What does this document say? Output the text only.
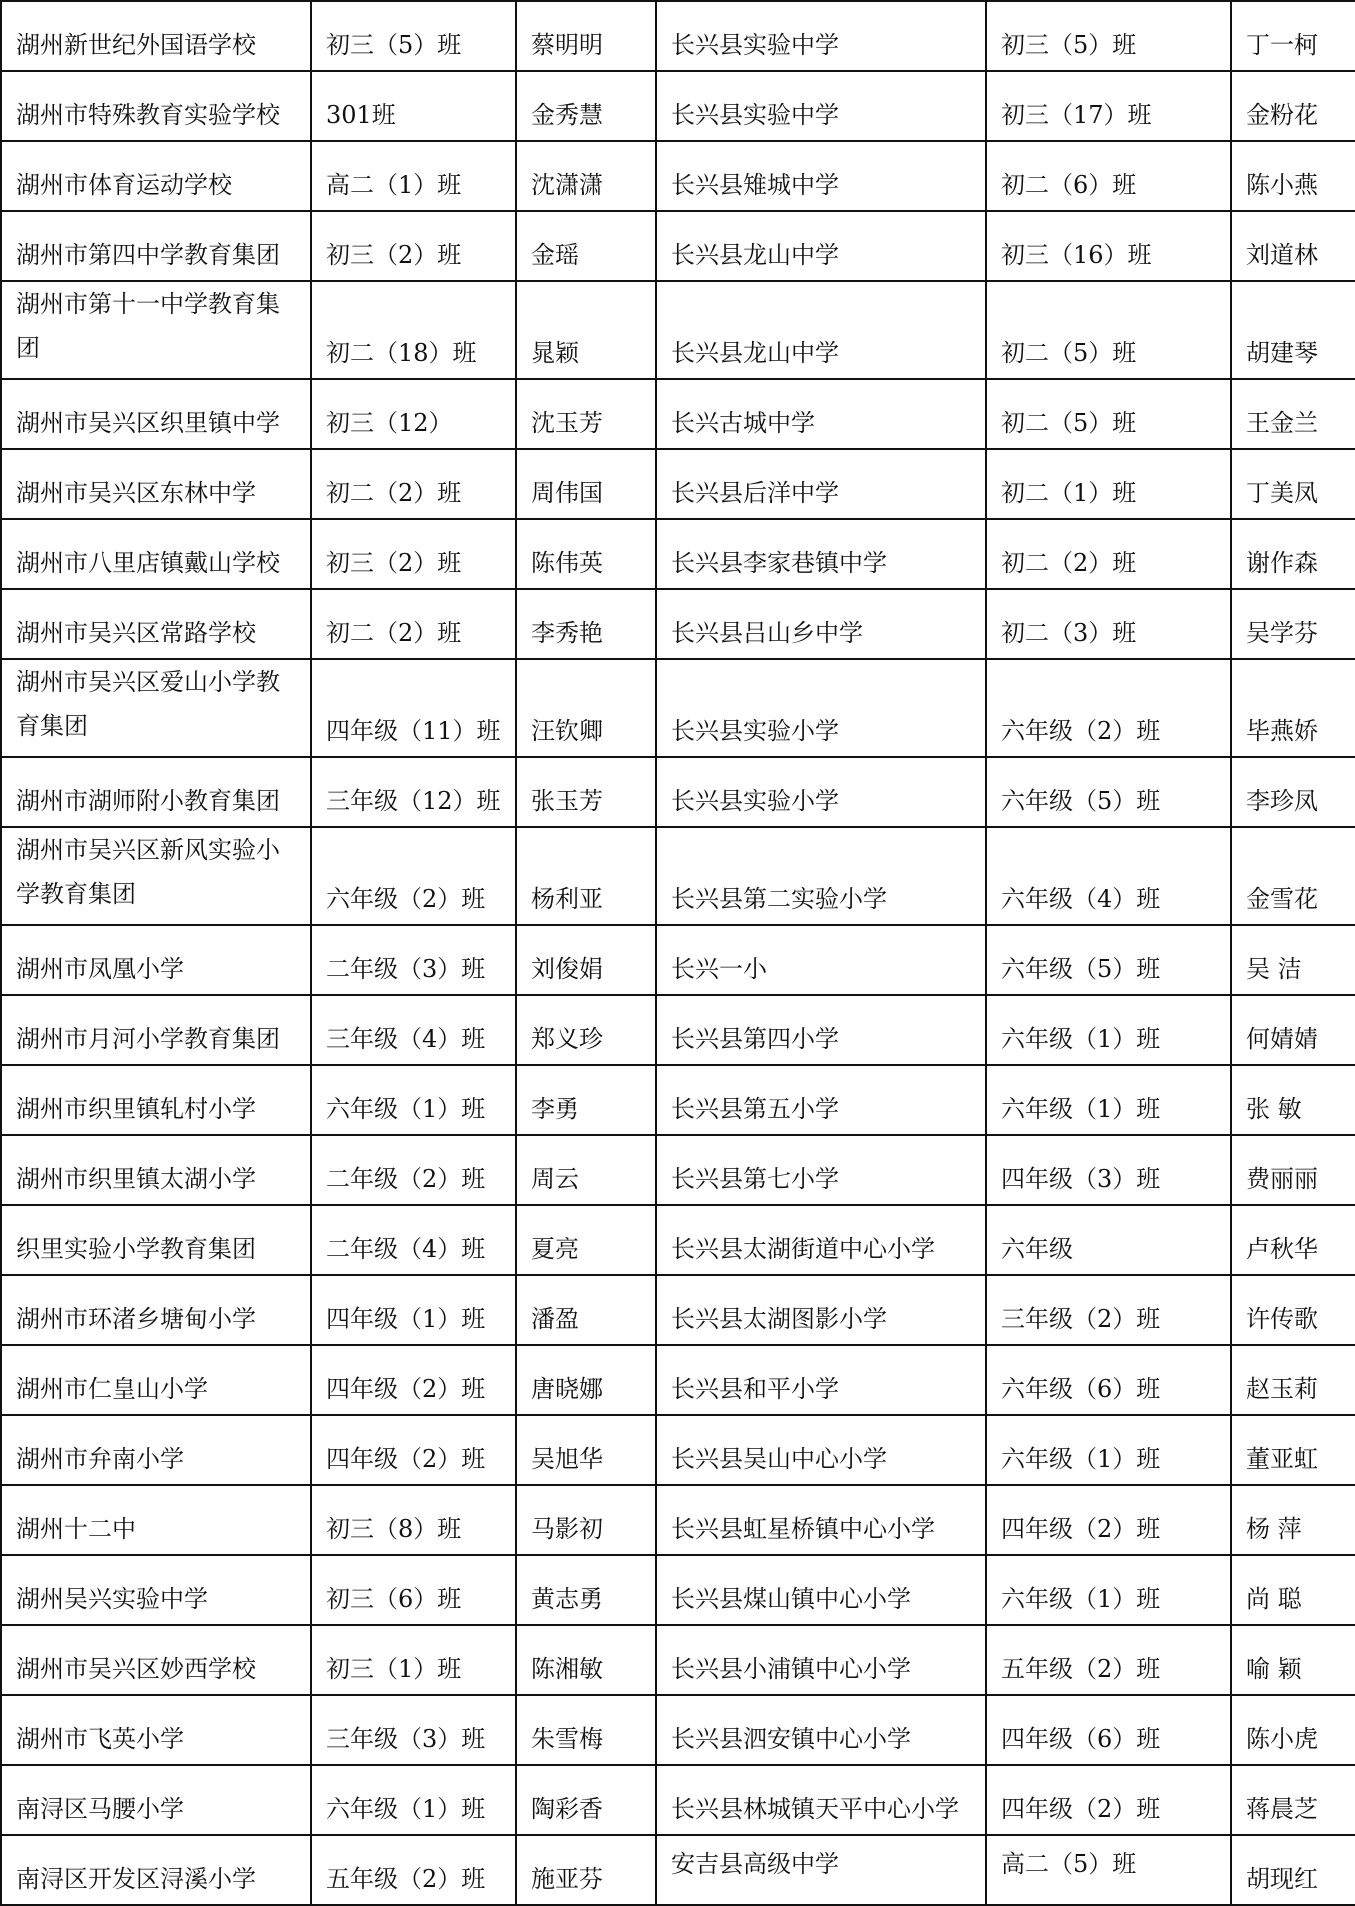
湖州新世纪外国语学校	初三（5）班	蔡明明	长兴县实验中学	初三（5）班	丁一柯
湖州市特殊教育实验学校	301班	金秀慧	长兴县实验中学	初三（17）班	金粉花
湖州市体育运动学校	高二（1）班	沈潇潇	长兴县雉城中学	初二（6）班	陈小燕
湖州市第四中学教育集团	初三（2）班	金瑶	长兴县龙山中学	初三（16）班	刘道林
湖州市第十一中学教育集团	初二（18）班	晁颖	长兴县龙山中学	初二（5）班	胡建琴
湖州市吴兴区织里镇中学	初三（12）	沈玉芳	长兴古城中学	初二（5）班	王金兰
湖州市吴兴区东林中学	初二（2）班	周伟国	长兴县后洋中学	初二（1）班	丁美凤
湖州市八里店镇戴山学校	初三（2）班	陈伟英	长兴县李家巷镇中学	初二（2）班	谢作森
湖州市吴兴区常路学校	初二（2）班	李秀艳	长兴县吕山乡中学	初二（3）班	吴学芬
湖州市吴兴区爱山小学教育集团	四年级（11）班	汪钦卿	长兴县实验小学	六年级（2）班	毕燕娇
湖州市湖师附小教育集团	三年级（12）班	张玉芳	长兴县实验小学	六年级（5）班	李珍凤
湖州市吴兴区新风实验小学教育集团	六年级（2）班	杨利亚	长兴县第二实验小学	六年级（4）班	金雪花
湖州市凤凰小学	二年级（3）班	刘俊娟	长兴一小	六年级（5）班	吴 洁
湖州市月河小学教育集团	三年级（4）班	郑义珍	长兴县第四小学	六年级（1）班	何婧婧
湖州市织里镇轧村小学	六年级（1）班	李勇	长兴县第五小学	六年级（1）班	张 敏
湖州市织里镇太湖小学	二年级（2）班	周云	长兴县第七小学	四年级（3）班	费丽丽
织里实验小学教育集团	二年级（4）班	夏亮	长兴县太湖街道中心小学	六年级	卢秋华
湖州市环渚乡塘甸小学	四年级（1）班	潘盈	长兴县太湖图影小学	三年级（2）班	许传歌
湖州市仁皇山小学	四年级（2）班	唐晓娜	长兴县和平小学	六年级（6）班	赵玉莉
湖州市弁南小学	四年级（2）班	吴旭华	长兴县吴山中心小学	六年级（1）班	董亚虹
湖州十二中	初三（8）班	马影初	长兴县虹星桥镇中心小学	四年级（2）班	杨 萍
湖州吴兴实验中学	初三（6）班	黄志勇	长兴县煤山镇中心小学	六年级（1）班	尚 聪
湖州市吴兴区妙西学校	初三（1）班	陈湘敏	长兴县小浦镇中心小学	五年级（2）班	喻 颖
湖州市飞英小学	三年级（3）班	朱雪梅	长兴县泗安镇中心小学	四年级（6）班	陈小虎
南浔区马腰小学	六年级（1）班	陶彩香	长兴县林城镇天平中心小学	四年级（2）班	蒋晨芝
南浔区开发区浔溪小学	五年级（2）班	施亚芬	安吉县高级中学	高二（5）班	胡现红
